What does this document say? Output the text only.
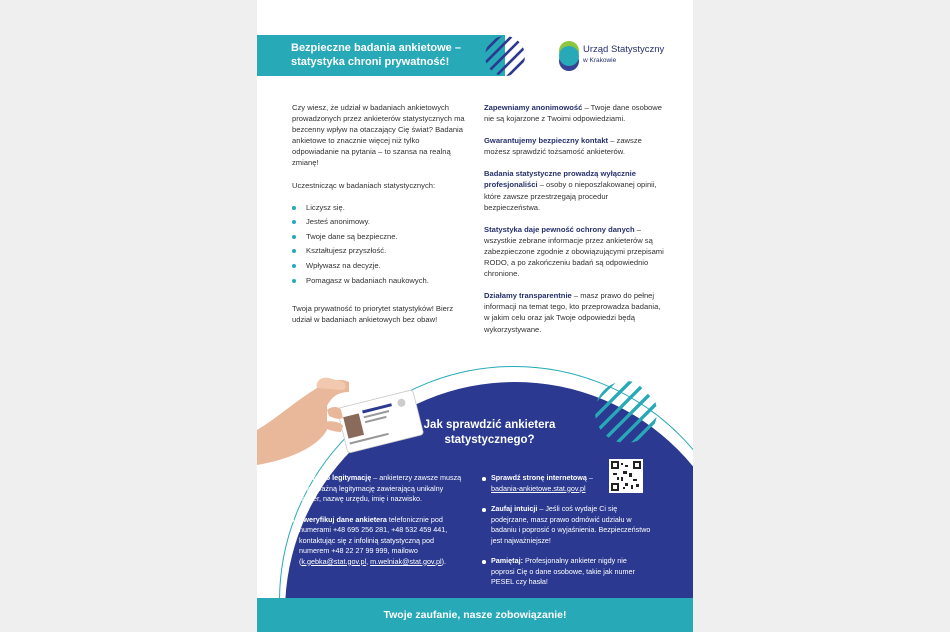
Bezpieczne badania ankietowe –
statystyka chroni prywatność!
Urząd Statystyczny
w Krakowie

Czy wiesz, że udział w badaniach ankietowych prowadzonych przez ankieterów statystycznych ma bezcenny wpływ na otaczający Cię świat? Badania ankietowe to znacznie więcej niż tylko odpowiadanie na pytania – to szansa na realną zmianę!

Uczestnicząc w badaniach statystycznych:

Liczysz się.
Jesteś anonimowy.
Twoje dane są bezpieczne.
Kształtujesz przyszłość.
Wpływasz na decyzje.
Pomagasz w badaniach naukowych.

Twoja prywatność to priorytet statystyków! Bierz udział w badaniach ankietowych bez obaw!

Zapewniamy anonimowość – Twoje dane osobowe nie są kojarzone z Twoimi odpowiedziami.

Gwarantujemy bezpieczny kontakt – zawsze możesz sprawdzić tożsamość ankieterów.

Badania statystyczne prowadzą wyłącznie profesjonaliści – osoby o nieposzlakowanej opinii, które zawsze przestrzegają procedur bezpieczeństwa.

Statystyka daje pewność ochrony danych – wszystkie zebrane informacje przez ankieterów są zabezpieczone zgodnie z obowiązującymi przepisami RODO, a po zakończeniu badań są odpowiednio chronione.

Działamy transparentnie – masz prawo do pełnej informacji na temat tego, kto przeprowadza badania, w jakim celu oraz jak Twoje odpowiedzi będą wykorzystywane.

Jak sprawdzić ankietera statystycznego?

Poproś o legitymację – ankieterzy zawsze muszą mieć ważną legitymację zawierającą unikalny numer, nazwę urzędu, imię i nazwisko.

Zweryfikuj dane ankietera telefonicznie pod numerami +48 695 256 281, +48 532 459 441, kontaktując się z infolinią statystyczną pod numerem +48 22 27 99 999, mailowo (k.gebka@stat.gov.pl, m.welniak@stat.gov.pl).

Sprawdź stronę internetową – badania-ankietowe.stat.gov.pl

Zaufaj intuicji – Jeśli coś wydaje Ci się podejrzane, masz prawo odmówić udziału w badaniu i poprosić o wyjaśnienia. Bezpieczeństwo jest najważniejsze!

Pamiętaj: Profesjonalny ankieter nigdy nie poprosi Cię o dane osobowe, takie jak numer PESEL czy hasła!

Twoje zaufanie, nasze zobowiązanie!
